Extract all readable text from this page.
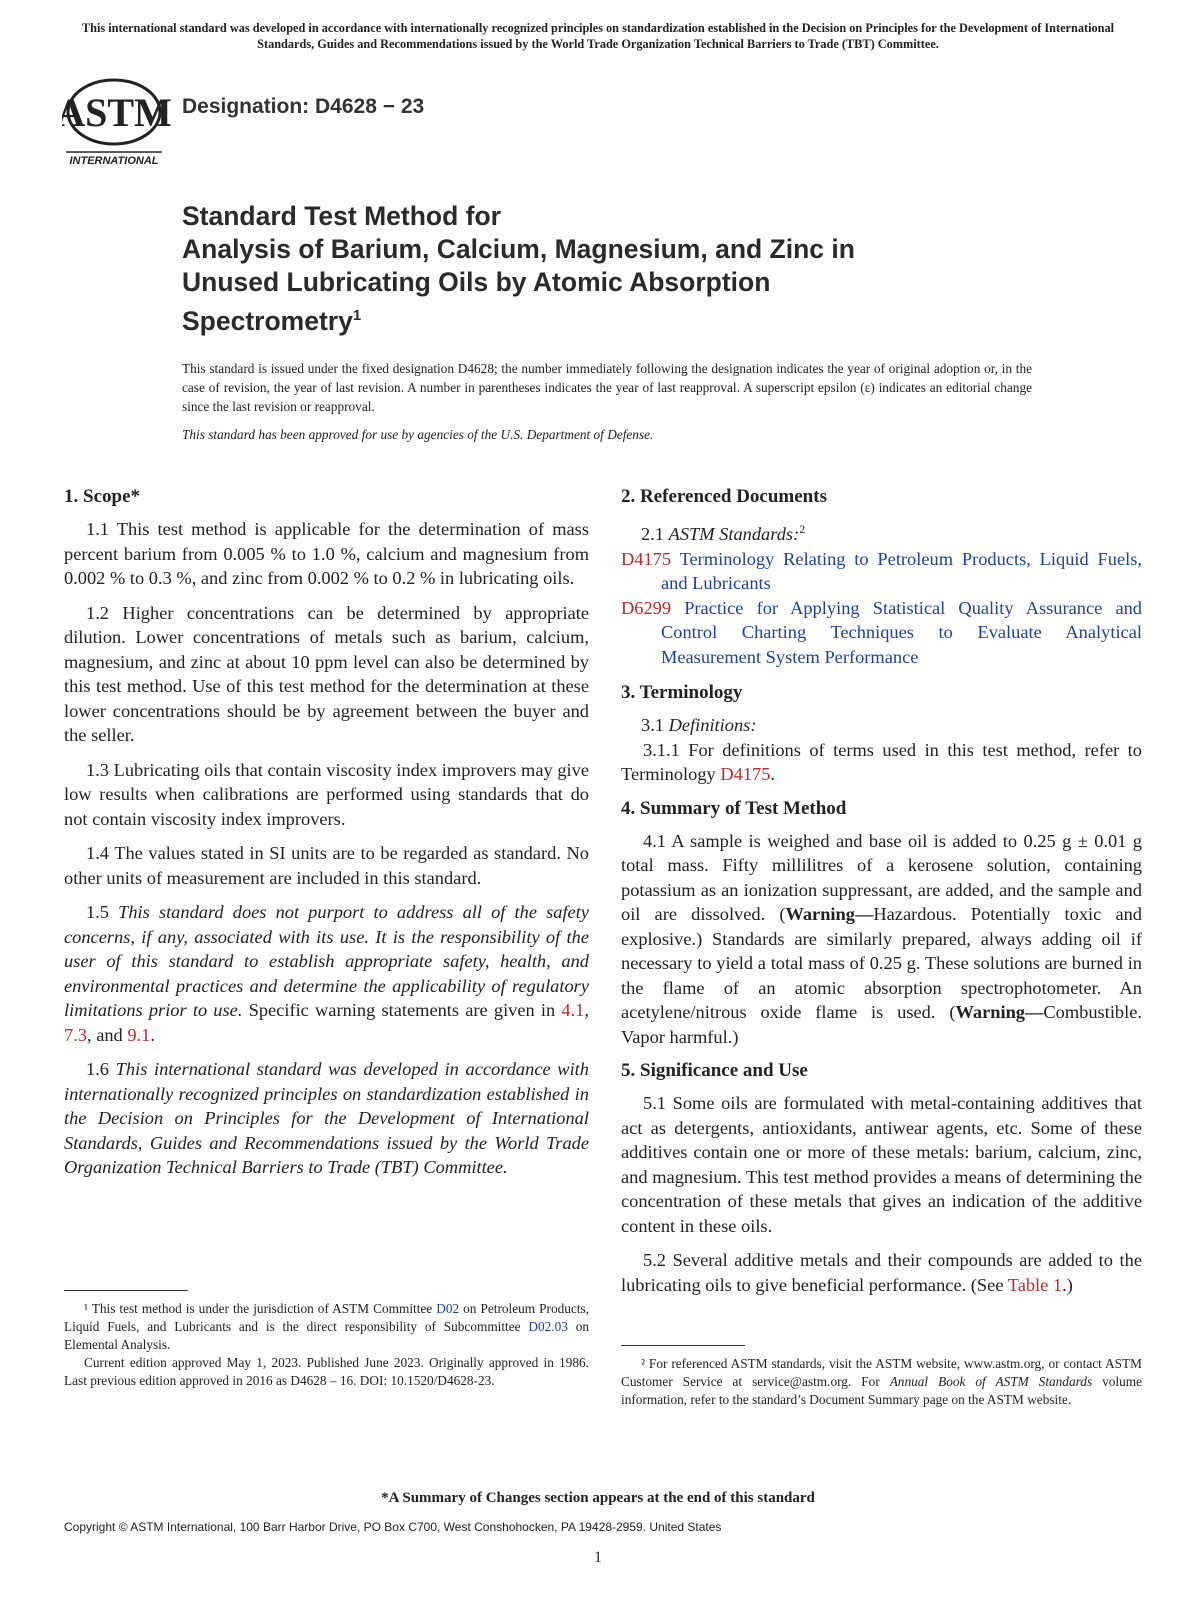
This international standard was developed in accordance with internationally recognized principles on standardization established in the Decision on Principles for the Development of International Standards, Guides and Recommendations issued by the World Trade Organization Technical Barriers to Trade (TBT) Committee.
ASTM
INTERNATIONAL
Designation: D4628 − 23
Standard Test Method for
Analysis of Barium, Calcium, Magnesium, and Zinc in
Unused Lubricating Oils by Atomic Absorption
Spectrometry$^1$
This standard is issued under the fixed designation D4628; the number immediately following the designation indicates the year of original adoption or, in the case of revision, the year of last revision. A number in parentheses indicates the year of last reapproval. A superscript epsilon (ε) indicates an editorial change since the last revision or reapproval.
This standard has been approved for use by agencies of the U.S. Department of Defense.
1. Scope*

1.1 This test method is applicable for the determination of mass percent barium from 0.005 % to 1.0 %, calcium and magnesium from 0.002 % to 0.3 %, and zinc from 0.002 % to 0.2 % in lubricating oils.

1.2 Higher concentrations can be determined by appropriate dilution. Lower concentrations of metals such as barium, calcium, magnesium, and zinc at about 10 ppm level can also be determined by this test method. Use of this test method for the determination at these lower concentrations should be by agreement between the buyer and the seller.

1.3 Lubricating oils that contain viscosity index improvers may give low results when calibrations are performed using standards that do not contain viscosity index improvers.

1.4 The values stated in SI units are to be regarded as standard. No other units of measurement are included in this standard.

1.5 This standard does not purport to address all of the safety concerns, if any, associated with its use. It is the responsibility of the user of this standard to establish appropriate safety, health, and environmental practices and determine the applicability of regulatory limitations prior to use. Specific warning statements are given in 4.1, 7.3, and 9.1.

1.6 This international standard was developed in accordance with internationally recognized principles on standardization established in the Decision on Principles for the Development of International Standards, Guides and Recommendations issued by the World Trade Organization Technical Barriers to Trade (TBT) Committee.

¹ This test method is under the jurisdiction of ASTM Committee D02 on Petroleum Products, Liquid Fuels, and Lubricants and is the direct responsibility of Subcommittee D02.03 on Elemental Analysis.

Current edition approved May 1, 2023. Published June 2023. Originally approved in 1986. Last previous edition approved in 2016 as D4628 – 16. DOI: 10.1520/D4628-23.

2. Referenced Documents

2.1 ASTM Standards:$^2$

D4175 Terminology Relating to Petroleum Products, Liquid Fuels, and Lubricants

D6299 Practice for Applying Statistical Quality Assurance and Control Charting Techniques to Evaluate Analytical Measurement System Performance

3. Terminology

3.1 Definitions:

3.1.1 For definitions of terms used in this test method, refer to Terminology D4175.

4. Summary of Test Method

4.1 A sample is weighed and base oil is added to 0.25 g ± 0.01 g total mass. Fifty millilitres of a kerosene solution, containing potassium as an ionization suppressant, are added, and the sample and oil are dissolved. (Warning—Hazardous. Potentially toxic and explosive.) Standards are similarly prepared, always adding oil if necessary to yield a total mass of 0.25 g. These solutions are burned in the flame of an atomic absorption spectrophotometer. An acetylene/nitrous oxide flame is used. (Warning—Combustible. Vapor harmful.)

5. Significance and Use

5.1 Some oils are formulated with metal-containing additives that act as detergents, antioxidants, antiwear agents, etc. Some of these additives contain one or more of these metals: barium, calcium, zinc, and magnesium. This test method provides a means of determining the concentration of these metals that gives an indication of the additive content in these oils.

5.2 Several additive metals and their compounds are added to the lubricating oils to give beneficial performance. (See Table 1.)

² For referenced ASTM standards, visit the ASTM website, www.astm.org, or contact ASTM Customer Service at service@astm.org. For Annual Book of ASTM Standards volume information, refer to the standard’s Document Summary page on the ASTM website.

*A Summary of Changes section appears at the end of this standard
Copyright © ASTM International, 100 Barr Harbor Drive, PO Box C700, West Conshohocken, PA 19428-2959. United States
1
